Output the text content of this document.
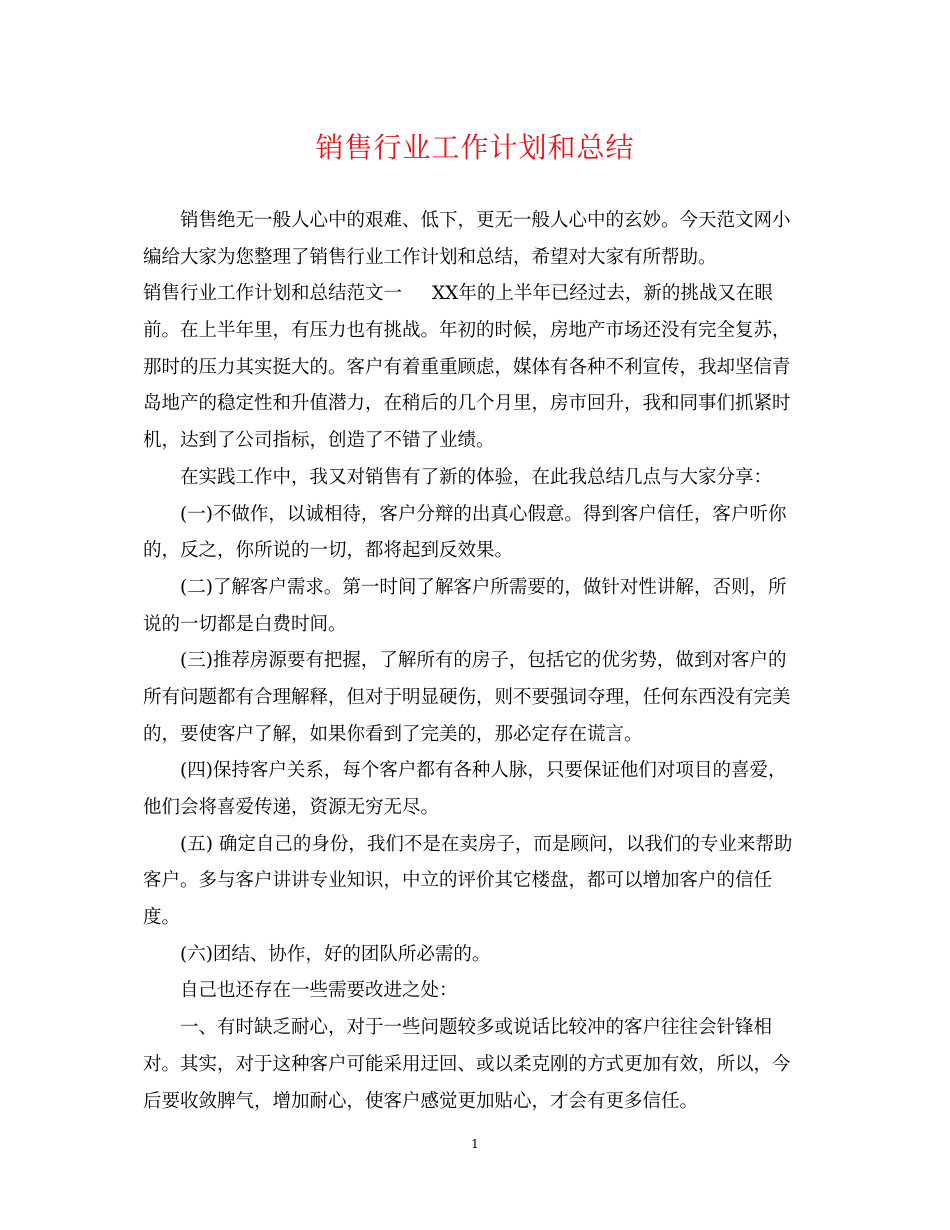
销售行业工作计划和总结
销售绝无一般人心中的艰难、低下，更无一般人心中的玄妙。今天范文网小
编给大家为您整理了销售行业工作计划和总结，希望对大家有所帮助。
销售行业工作计划和总结范文一 XX年的上半年已经过去，新的挑战又在眼
前。在上半年里，有压力也有挑战。年初的时候，房地产市场还没有完全复苏，
那时的压力其实挺大的。客户有着重重顾虑，媒体有各种不利宣传，我却坚信青
岛地产的稳定性和升值潜力，在稍后的几个月里，房市回升，我和同事们抓紧时
机，达到了公司指标，创造了不错了业绩。
在实践工作中，我又对销售有了新的体验，在此我总结几点与大家分享：
(一)不做作，以诚相待，客户分辩的出真心假意。得到客户信任，客户听你
的，反之，你所说的一切，都将起到反效果。
(二)了解客户需求。第一时间了解客户所需要的，做针对性讲解，否则，所
说的一切都是白费时间。
(三)推荐房源要有把握，了解所有的房子，包括它的优劣势，做到对客户的
所有问题都有合理解释，但对于明显硬伤，则不要强词夺理，任何东西没有完美
的，要使客户了解，如果你看到了完美的，那必定存在谎言。
(四)保持客户关系，每个客户都有各种人脉，只要保证他们对项目的喜爱，
他们会将喜爱传递，资源无穷无尽。
(五) 确定自己的身份，我们不是在卖房子，而是顾问，以我们的专业来帮助
客户。多与客户讲讲专业知识，中立的评价其它楼盘，都可以增加客户的信任
度。
(六)团结、协作，好的团队所必需的。
自己也还存在一些需要改进之处：
一、有时缺乏耐心，对于一些问题较多或说话比较冲的客户往往会针锋相
对。其实，对于这种客户可能采用迂回、或以柔克刚的方式更加有效，所以，今
后要收敛脾气，增加耐心，使客户感觉更加贴心，才会有更多信任。
1
